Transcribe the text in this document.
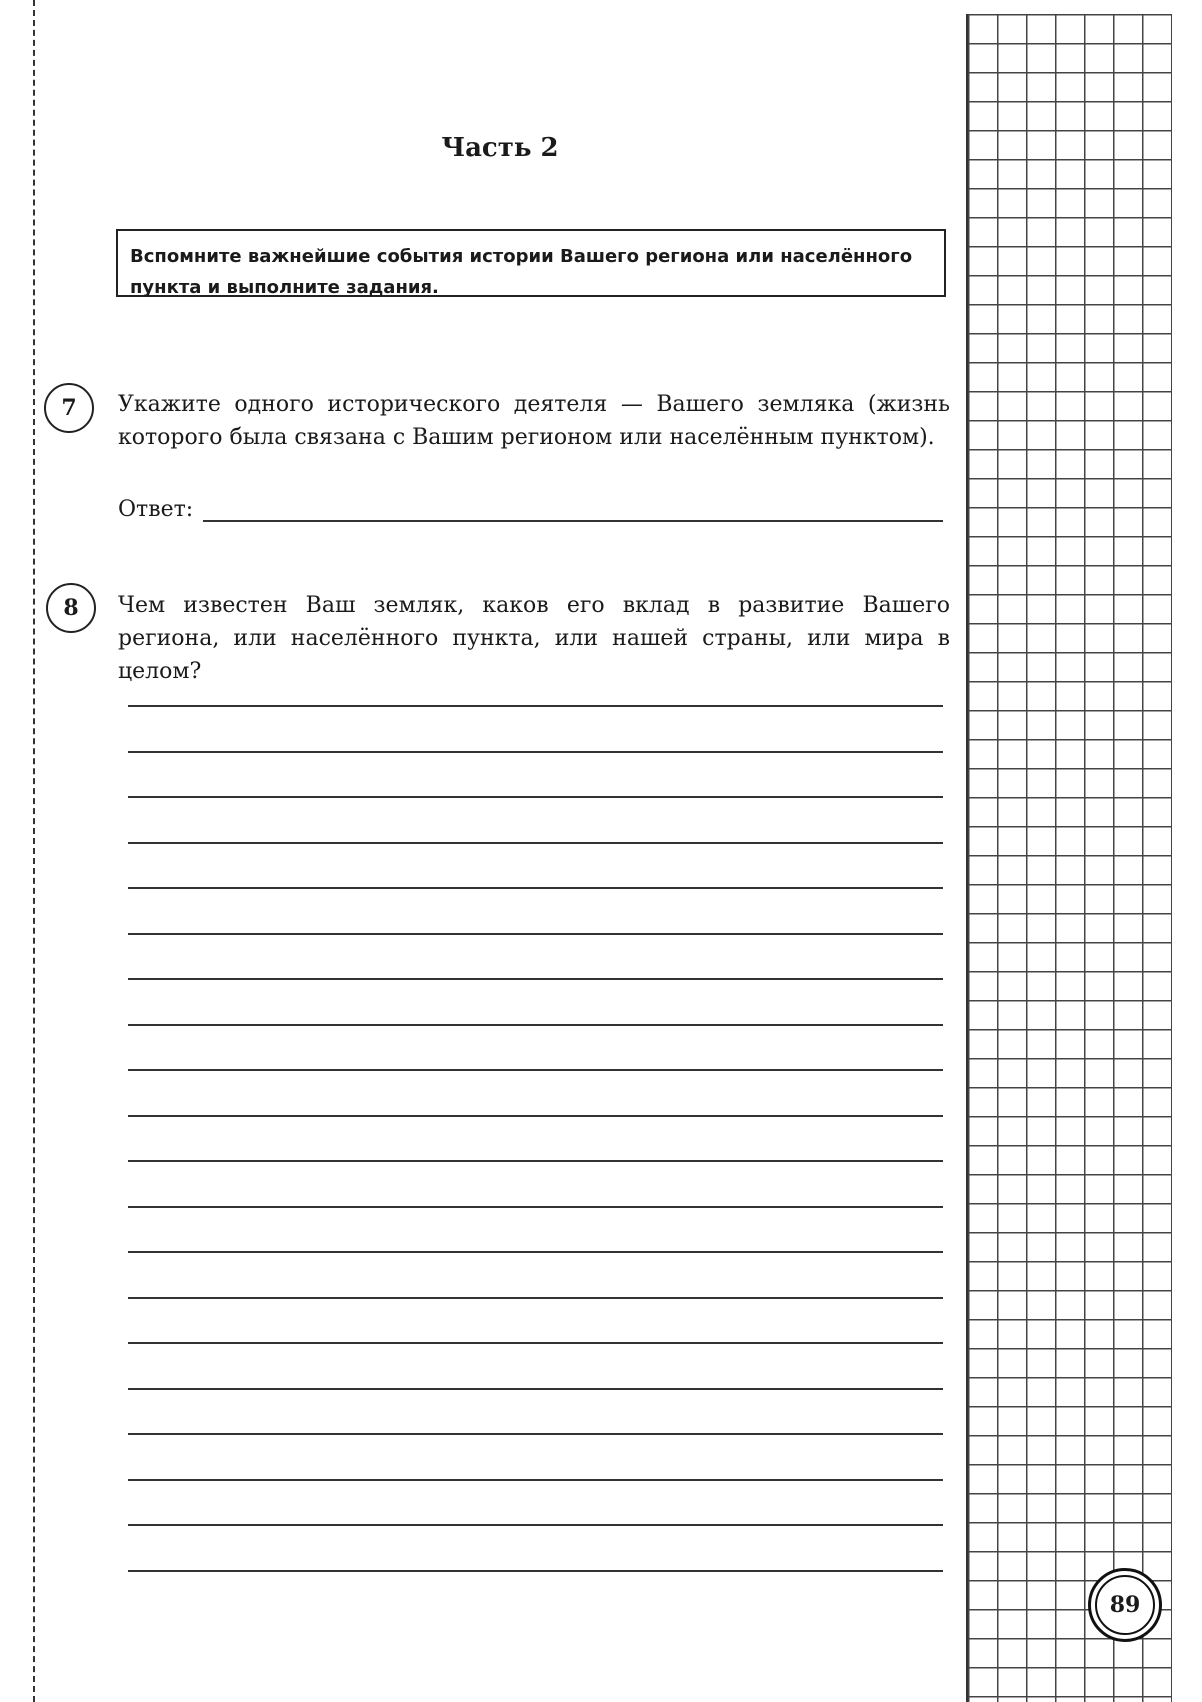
Часть 2
Вспомните важнейшие события истории Вашего региона или населённого пункта и выполните задания.
7	Укажите одного исторического деятеля — Вашего земляка (жизнь которого была связана с Вашим регионом или населённым пунктом).
Ответ:
8	Чем известен Ваш земляк, каков его вклад в развитие Вашего региона, или населённого пункта, или нашей страны, или мира в целом?
89
